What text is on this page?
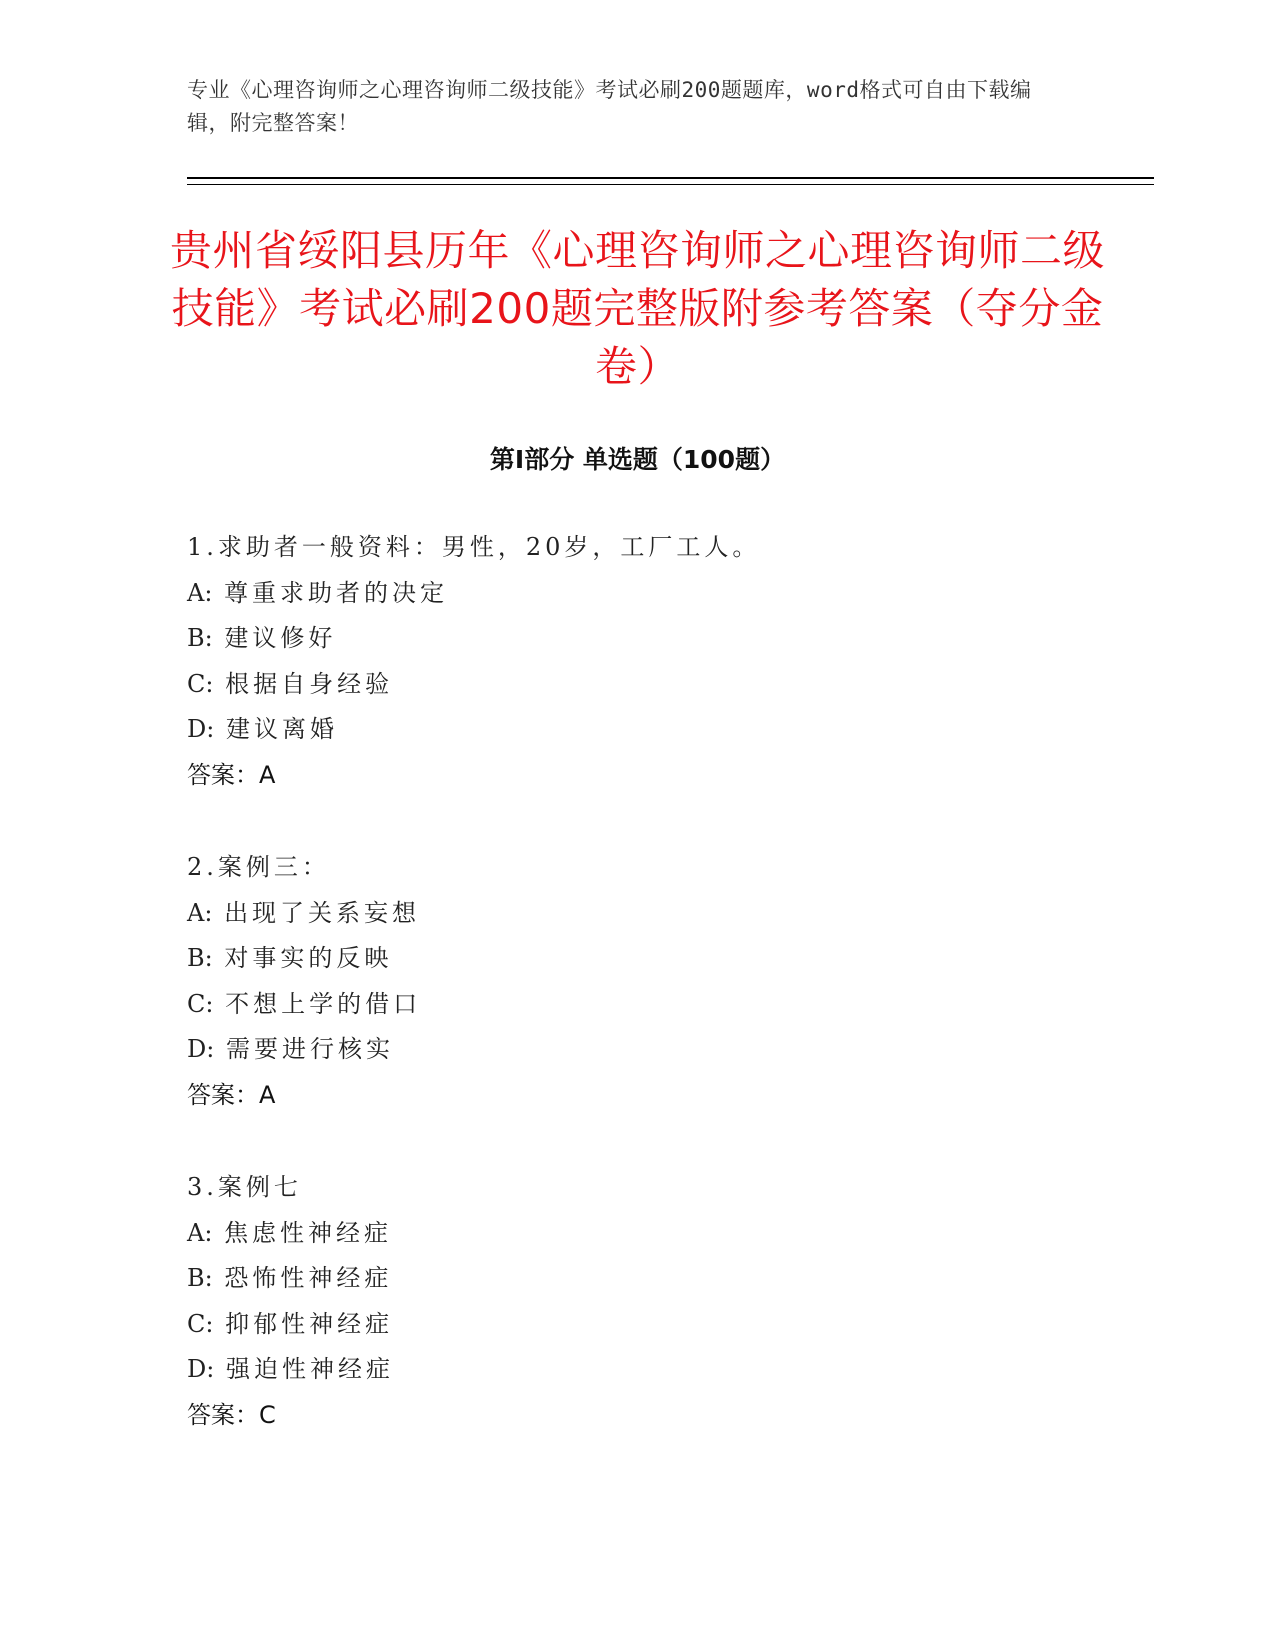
专业《心理咨询师之心理咨询师二级技能》考试必刷200题题库，word格式可自由下载编辑，附完整答案！
贵州省绥阳县历年《心理咨询师之心理咨询师二级技能》考试必刷200题完整版附参考答案（夺分金卷）
第Ⅰ部分 单选题（100题）
1.求助者一般资料：男性，20岁，工厂工人。
A: 尊重求助者的决定
B: 建议修好
C: 根据自身经验
D: 建议离婚
答案：A
2.案例三：
A: 出现了关系妄想
B: 对事实的反映
C: 不想上学的借口
D: 需要进行核实
答案：A
3.案例七
A: 焦虑性神经症
B: 恐怖性神经症
C: 抑郁性神经症
D: 强迫性神经症
答案：C
